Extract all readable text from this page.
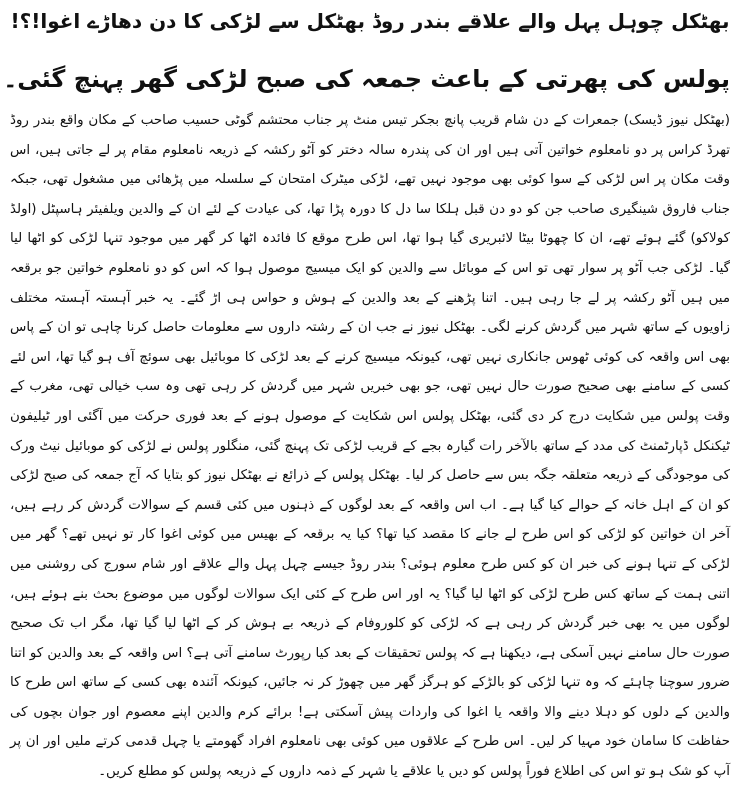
بھٹکل چوہل پہل والے علاقے بندر روڈ بھٹکل سے لڑکی کا دن دھاڑے اغوا!؟!
پولس کی پھرتی کے باعث جمعہ کی صبح لڑکی گھر پہنچ گئی۔

(بھٹکل نیوز ڈیسک) جمعرات کے دن شام قریب پانچ بجکر تیس منٹ پر جناب محتشم گوٹی حسیب صاحب کے مکان واقع بندر روڈ تھرڈ کراس پر دو نامعلوم خواتین آتی ہیں اور ان کی پندرہ سالہ دختر کو آٹو رکشہ کے ذریعہ نامعلوم مقام پر لے جاتی ہیں، اس وقت مکان پر اس لڑکی کے سوا کوئی بھی موجود نہیں تھے، لڑکی میٹرک امتحان کے سلسلہ میں پڑھائی میں مشغول تھی، جبکہ جناب فاروق شینگیری صاحب جن کو دو دن قبل ہلکا سا دل کا دورہ پڑا تھا، کی عیادت کے لئے ان کے والدین ویلفیئر ہاسپٹل (اولڈ کولاکو) گئے ہوئے تھے، ان کا چھوٹا بیٹا لائبریری گیا ہوا تھا، اس طرح موقع کا فائدہ اٹھا کر گھر میں موجود تنہا لڑکی کو اٹھا لیا گیا۔ لڑکی جب آٹو پر سوار تھی تو اس کے موبائل سے والدین کو ایک میسیج موصول ہوا کہ اس کو دو نامعلوم خواتین جو برقعہ میں ہیں آٹو رکشہ پر لے جا رہی ہیں۔ اتنا پڑھنے کے بعد والدین کے ہوش و حواس ہی اڑ گئے۔ یہ خبر آہستہ آہستہ مختلف زاویوں کے ساتھ شہر میں گردش کرنے لگی۔ بھٹکل نیوز نے جب ان کے رشتہ داروں سے معلومات حاصل کرنا چاہی تو ان کے پاس بھی اس واقعہ کی کوئی ٹھوس جانکاری نہیں تھی، کیونکہ میسیج کرنے کے بعد لڑکی کا موبائیل بھی سوئچ آف ہو گیا تھا، اس لئے کسی کے سامنے بھی صحیح صورت حال نہیں تھی، جو بھی خبریں شہر میں گردش کر رہی تھی وہ سب خیالی تھی، مغرب کے وقت پولس میں شکایت درج کر دی گئی، بھٹکل پولس اس شکایت کے موصول ہونے کے بعد فوری حرکت میں آگئی اور ٹیلیفون ٹیکنکل ڈپارٹمنٹ کی مدد کے ساتھ بالآخر رات گیارہ بجے کے قریب لڑکی تک پہنچ گئی، منگلور پولس نے لڑکی کو موبائیل نیٹ ورک کی موجودگی کے ذریعہ متعلقہ جگہ بس سے حاصل کر لیا۔ بھٹکل پولس کے ذرائع نے بھٹکل نیوز کو بتایا کہ آج جمعہ کی صبح لڑکی کو ان کے اہل خانہ کے حوالے کیا گیا ہے۔ اب اس واقعہ کے بعد لوگوں کے ذہنوں میں کئی قسم کے سوالات گردش کر رہے ہیں، آخر ان خواتین کو لڑکی کو اس طرح لے جانے کا مقصد کیا تھا؟ کیا یہ برقعہ کے بھیس میں کوئی اغوا کار تو نہیں تھے؟ گھر میں لڑکی کے تنہا ہونے کی خبر ان کو کس طرح معلوم ہوئی؟ بندر روڈ جیسے چہل پہل والے علاقے اور شام سورج کی روشنی میں اتنی ہمت کے ساتھ کس طرح لڑکی کو اٹھا لیا گیا؟ یہ اور اس طرح کے کئی ایک سوالات لوگوں میں موضوع بحث بنے ہوئے ہیں، لوگوں میں یہ بھی خبر گردش کر رہی ہے کہ لڑکی کو کلوروفام کے ذریعہ بے ہوش کر کے اٹھا لیا گیا تھا، مگر اب تک صحیح صورت حال سامنے نہیں آسکی ہے، دیکھنا ہے کہ پولس تحقیقات کے بعد کیا رپورٹ سامنے آتی ہے؟ اس واقعہ کے بعد والدین کو اتنا ضرور سوچنا چاہئے کہ وہ تنہا لڑکی کو بالڑکے کو ہرگز گھر میں چھوڑ کر نہ جائیں، کیونکہ آئندہ بھی کسی کے ساتھ اس طرح کا والدین کے دلوں کو دہلا دینے والا واقعہ یا اغوا کی واردات پیش آسکتی ہے! برائے کرم والدین اپنے معصوم اور جوان بچوں کی حفاظت کا سامان خود مہیا کر لیں۔ اس طرح کے علاقوں میں کوئی بھی نامعلوم افراد گھومتے یا چہل قدمی کرتے ملیں اور ان پر آپ کو شک ہو تو اس کی اطلاع فوراً پولس کو دیں یا علاقے یا شہر کے ذمہ داروں کے ذریعہ پولس کو مطلع کریں۔
